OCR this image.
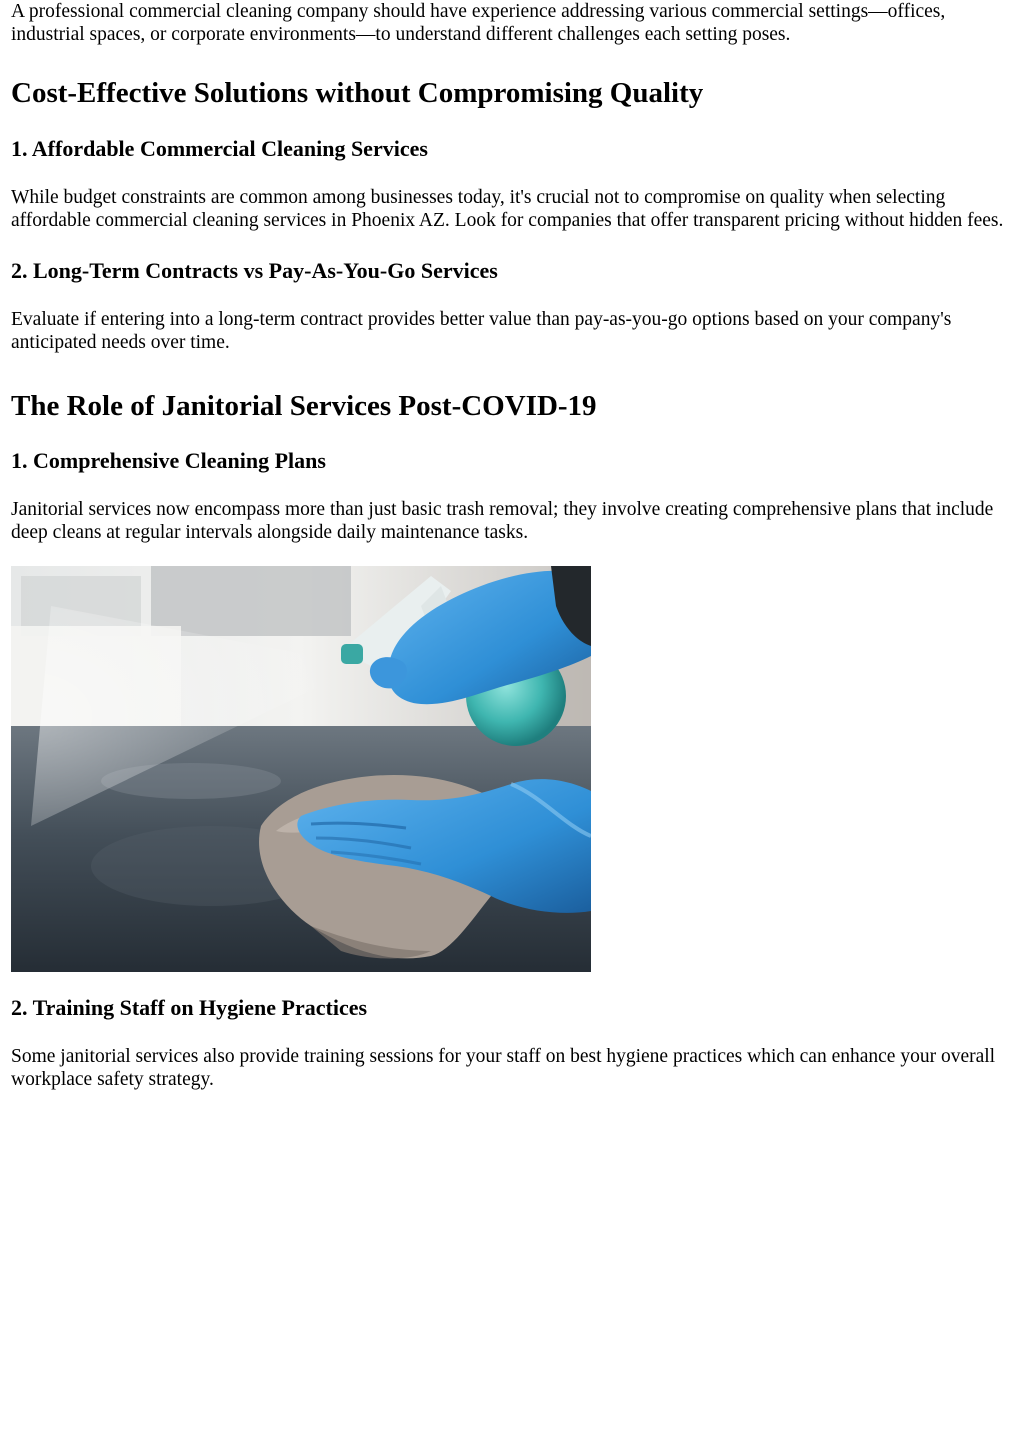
A professional commercial cleaning company should have experience addressing various commercial settings—offices, industrial spaces, or corporate environments—to understand different challenges each setting poses.

Cost-Effective Solutions without Compromising Quality
1. Affordable Commercial Cleaning Services

While budget constraints are common among businesses today, it's crucial not to compromise on quality when selecting affordable commercial cleaning services in Phoenix AZ. Look for companies that offer transparent pricing without hidden fees.

2. Long-Term Contracts vs Pay-As-You-Go Services

Evaluate if entering into a long-term contract provides better value than pay-as-you-go options based on your company's anticipated needs over time.

The Role of Janitorial Services Post-COVID-19
1. Comprehensive Cleaning Plans

Janitorial services now encompass more than just basic trash removal; they involve creating comprehensive plans that include deep cleans at regular intervals alongside daily maintenance tasks.

2. Training Staff on Hygiene Practices

Some janitorial services also provide training sessions for your staff on best hygiene practices which can enhance your overall workplace safety strategy.
